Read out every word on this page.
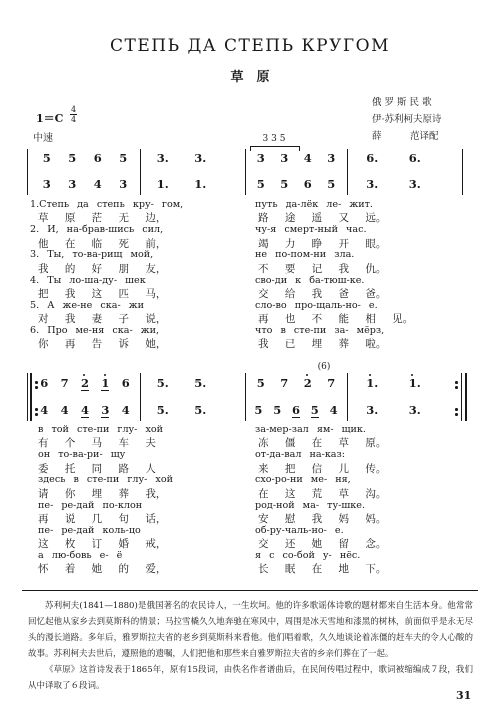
СТЕПЬ ДА СТЕПЬ КРУГОМ
草　原
1＝C
4
4
中速
俄 罗 斯 民 歌
伊·苏利柯夫原诗
薛　　　范译配
3 3 5
5 5 6 5	3. 3.	3 3 4 3	6.	6.
3 3 4 3	1. 1.	5 5 6 5	3.	3.
1.Степь да степь кру- гом,
草 原 茫 无 边，
путь да-лёк ле- жит.
路 途 遥 又 远。
2. И, на-брав-шись сил,
他 在 临 死 前，
чу-я смерт-ный час.
竭 力 睁 开 眼。
3. Ты, то-ва-рищ мой,
我 的 好 朋 友，
не по-пом-ни зла.
不 要 记 我 仇。
4. Ты ло-ша-ду- шек
把 我 这 匹 马，
сво-ди к ба-тюш-ке.
交 给 我 爸 爸。
5. А же-не ска- жи
对 我 妻 子 说，
сло-во про-щаль-но- е.
再 也 不 能 相 见。
6. Про ме-ня ска- жи,
你 再 告 诉 她，
что в сте-пи за- мёрз,
我 已 埋 葬 啦。
(6)
6 7 2 1 6 5. 5.	5 7 2 7	1.	1.
4 4 4 3 4 5. 5.	5 5 6 5 4 3.	3.
в той сте-пи глу- хой
有 个 马 车 夫
за-мер-зал ям- щик.
冻 僵 在 草 原。
он то-ва-ри- щу
委 托 同 路 人
от-да-вал на-каз:
来 把 信 儿 传。
здесь в сте-пи глу- хой
请 你 埋 葬 我，
схо-ро-ни ме- ня,
在 这 荒 草 沟。
пе- ре-дай по-клон
再 说 几 句 话，
род-ной ма- ту-шке.
安 慰 我 妈 妈。
пе- ре-дай коль-цо
这 枚 订 婚 戒，
об-ру-чаль-но- е.
交 还 她 留 念。
а лю-бовь е- ё
怀 着 她 的 爱，
я с со-бой у- нёс.
长 眠 在 地 下。

苏利柯夫(1841—1880)是俄国著名的农民诗人，一生坎坷。他的许多歌谣体诗歌的题材都来自生活本身。他常常回忆起他从家乡去到莫斯科的情景；马拉雪橇久久地奔驰在寒风中，周围是冰天雪地和漆黑的树林，前面似乎是永无尽头的漫长道路。多年后，雅罗斯拉夫省的老乡到莫斯科来看他。他们唱着歌，久久地谈论着冻僵的赶车夫的令人心酸的故事。苏利柯夫去世后，遵照他的遗嘱，人们把他和那些来自雅罗斯拉夫省的乡亲们葬在了一起。

《草原》这首诗发表于1865年，原有15段词，由佚名作者谱曲后，在民间传唱过程中，歌词被缩编成７段，我们从中译取了６段词。

31
